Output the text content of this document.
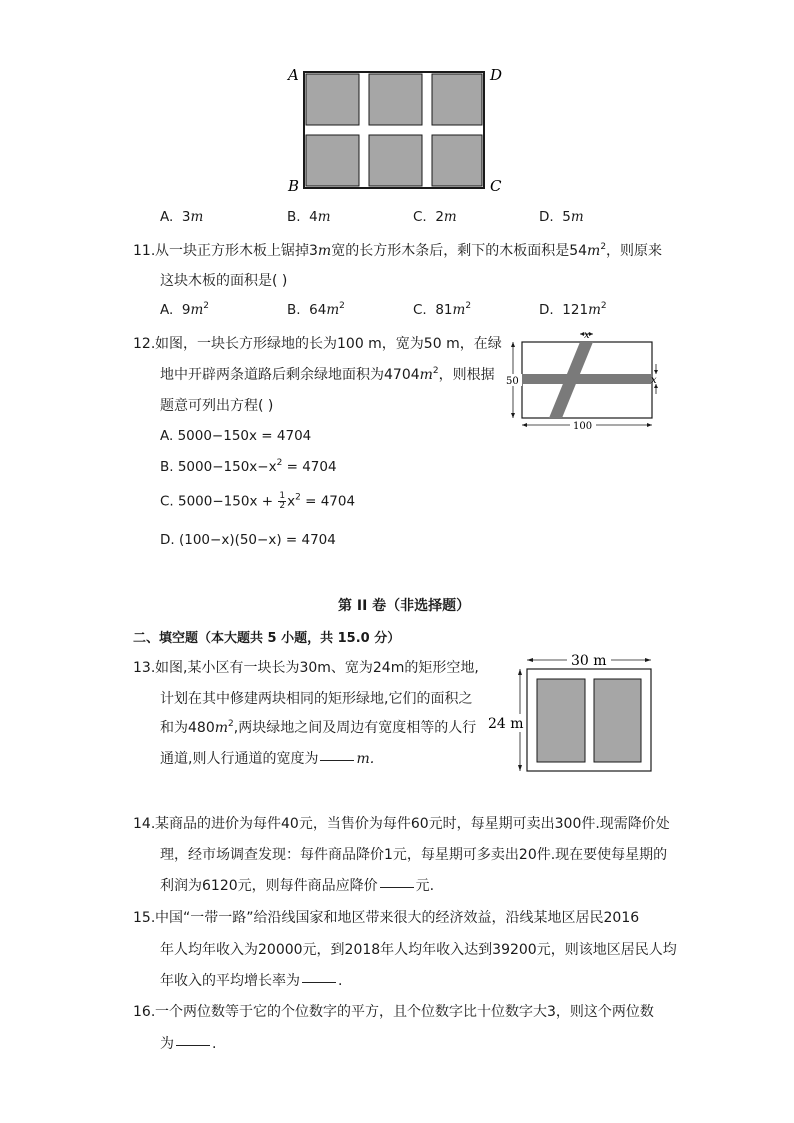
A	D
B	C
A. 3m	B. 4m	C. 2m	D. 5m
11.从一块正方形木板上锯掉3m宽的长方形木条后，剩下的木板面积是$54m^2$，则原来
这块木板的面积是( )
A. $9m^2$	B. $64m^2$	C. $81m^2$	D. $121m^2$
12.如图，一块长方形绿地的长为100 m，宽为50 m，在绿
地中开辟两条道路后剩余绿地面积为$4704m^2$，则根据
题意可列出方程( )
A. 5000−150x = 4704
B. $5000-150x-x^2 = 4704$
C. $5000-150x + \frac{1}{2} x^2 = 4704$
D. (100−x)(50−x) = 4704
x
x
50
100
第 II 卷（非选择题）
二、填空题（本大题共 5 小题，共 15.0 分）
13.如图,某小区有一块长为30m、宽为24m的矩形空地,
计划在其中修建两块相同的矩形绿地,它们的面积之
和为$480m^2$,两块绿地之间及周边有宽度相等的人行
通道,则人行通道的宽度为	m.
30 m
24 m
14.某商品的进价为每件40元，当售价为每件60元时，每星期可卖出300件.现需降价处
理，经市场调查发现：每件商品降价1元，每星期可多卖出20件.现在要使每星期的
利润为6120元，则每件商品应降价	元.
15.中国“一带一路”给沿线国家和地区带来很大的经济效益，沿线某地区居民2016
年人均年收入为20000元，到2018年人均年收入达到39200元，则该地区居民人均
年收入的平均增长率为	.
16.一个两位数等于它的个位数字的平方，且个位数字比十位数字大3，则这个两位数
为	.
